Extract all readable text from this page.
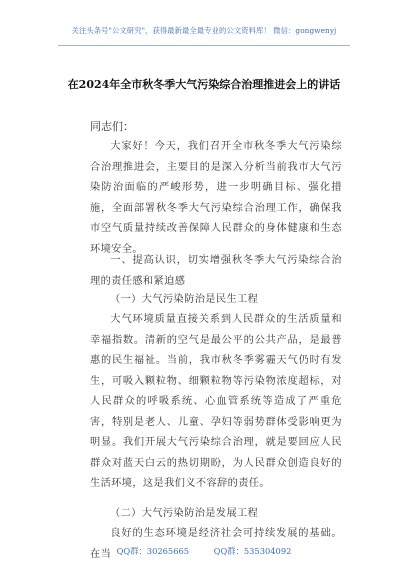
关注头条号"公文研究"，获得最新最全最专业的公文资料库！ 微信：gongwenyj
在2024年全市秋冬季大气污染综合治理推进会上的讲话
同志们：
大家好！今天，我们召开全市秋冬季大气污染综合治理推进会，主要目的是深入分析当前我市大气污染防治面临的严峻形势，进一步明确目标、强化措施，全面部署秋冬季大气污染综合治理工作，确保我市空气质量持续改善保障人民群众的身体健康和生态环境安全。
一、提高认识，切实增强秋冬季大气污染综合治理的责任感和紧迫感
（一）大气污染防治是民生工程
大气环境质量直接关系到人民群众的生活质量和幸福指数。清新的空气是最公平的公共产品，是最普惠的民生福祉。当前，我市秋冬季雾霾天气仍时有发生，可吸入颗粒物、细颗粒物等污染物浓度超标，对人民群众的呼吸系统、心血管系统等造成了严重危害，特别是老人、儿童、孕妇等弱势群体受影响更为明显。我们开展大气污染综合治理，就是要回应人民群众对蓝天白云的热切期盼，为人民群众创造良好的生活环境，这是我们义不容辞的责任。
（二）大气污染防治是发展工程
良好的生态环境是经济社会可持续发展的基础。在当 QQ群：30265665 QQ群：535304092
